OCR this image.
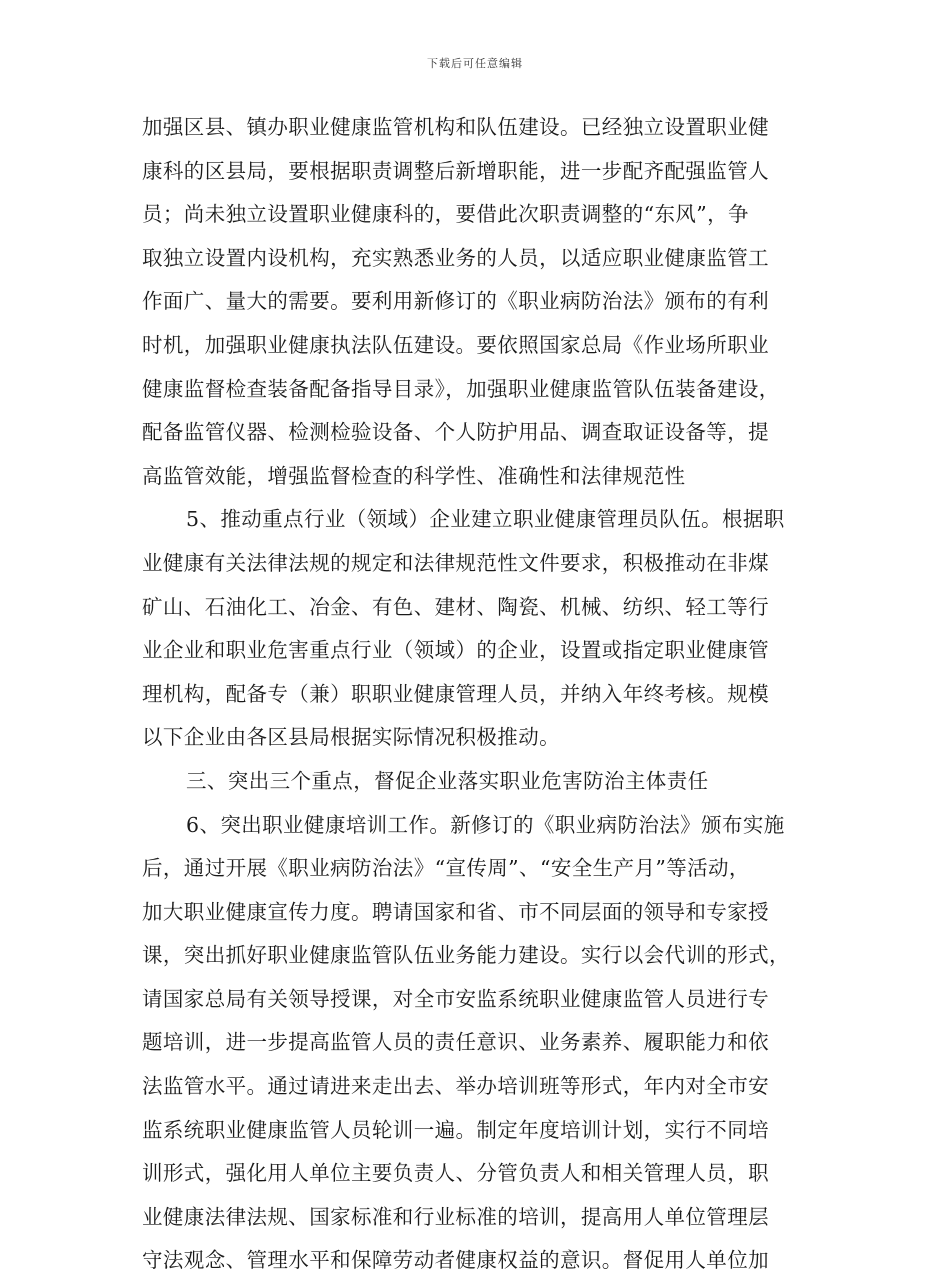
下载后可任意编辑
加强区县、镇办职业健康监管机构和队伍建设。已经独立设置职业健
康科的区县局，要根据职责调整后新增职能，进一步配齐配强监管人
员；尚未独立设置职业健康科的，要借此次职责调整的“东风”，争
取独立设置内设机构，充实熟悉业务的人员，以适应职业健康监管工
作面广、量大的需要。要利用新修订的《职业病防治法》颁布的有利
时机，加强职业健康执法队伍建设。要依照国家总局《作业场所职业
健康监督检查装备配备指导目录》，加强职业健康监管队伍装备建设，
配备监管仪器、检测检验设备、个人防护用品、调查取证设备等，提
高监管效能，增强监督检查的科学性、准确性和法律规范性
5、推动重点行业（领域）企业建立职业健康管理员队伍。根据职
业健康有关法律法规的规定和法律规范性文件要求，积极推动在非煤
矿山、石油化工、冶金、有色、建材、陶瓷、机械、纺织、轻工等行
业企业和职业危害重点行业（领域）的企业，设置或指定职业健康管
理机构，配备专（兼）职职业健康管理人员，并纳入年终考核。规模
以下企业由各区县局根据实际情况积极推动。
三、突出三个重点，督促企业落实职业危害防治主体责任
6、突出职业健康培训工作。新修订的《职业病防治法》颁布实施
后，通过开展《职业病防治法》“宣传周”、“安全生产月”等活动，
加大职业健康宣传力度。聘请国家和省、市不同层面的领导和专家授
课，突出抓好职业健康监管队伍业务能力建设。实行以会代训的形式，
请国家总局有关领导授课，对全市安监系统职业健康监管人员进行专
题培训，进一步提高监管人员的责任意识、业务素养、履职能力和依
法监管水平。通过请进来走出去、举办培训班等形式，年内对全市安
监系统职业健康监管人员轮训一遍。制定年度培训计划，实行不同培
训形式，强化用人单位主要负责人、分管负责人和相关管理人员，职
业健康法律法规、国家标准和行业标准的培训，提高用人单位管理层
守法观念、管理水平和保障劳动者健康权益的意识。督促用人单位加
